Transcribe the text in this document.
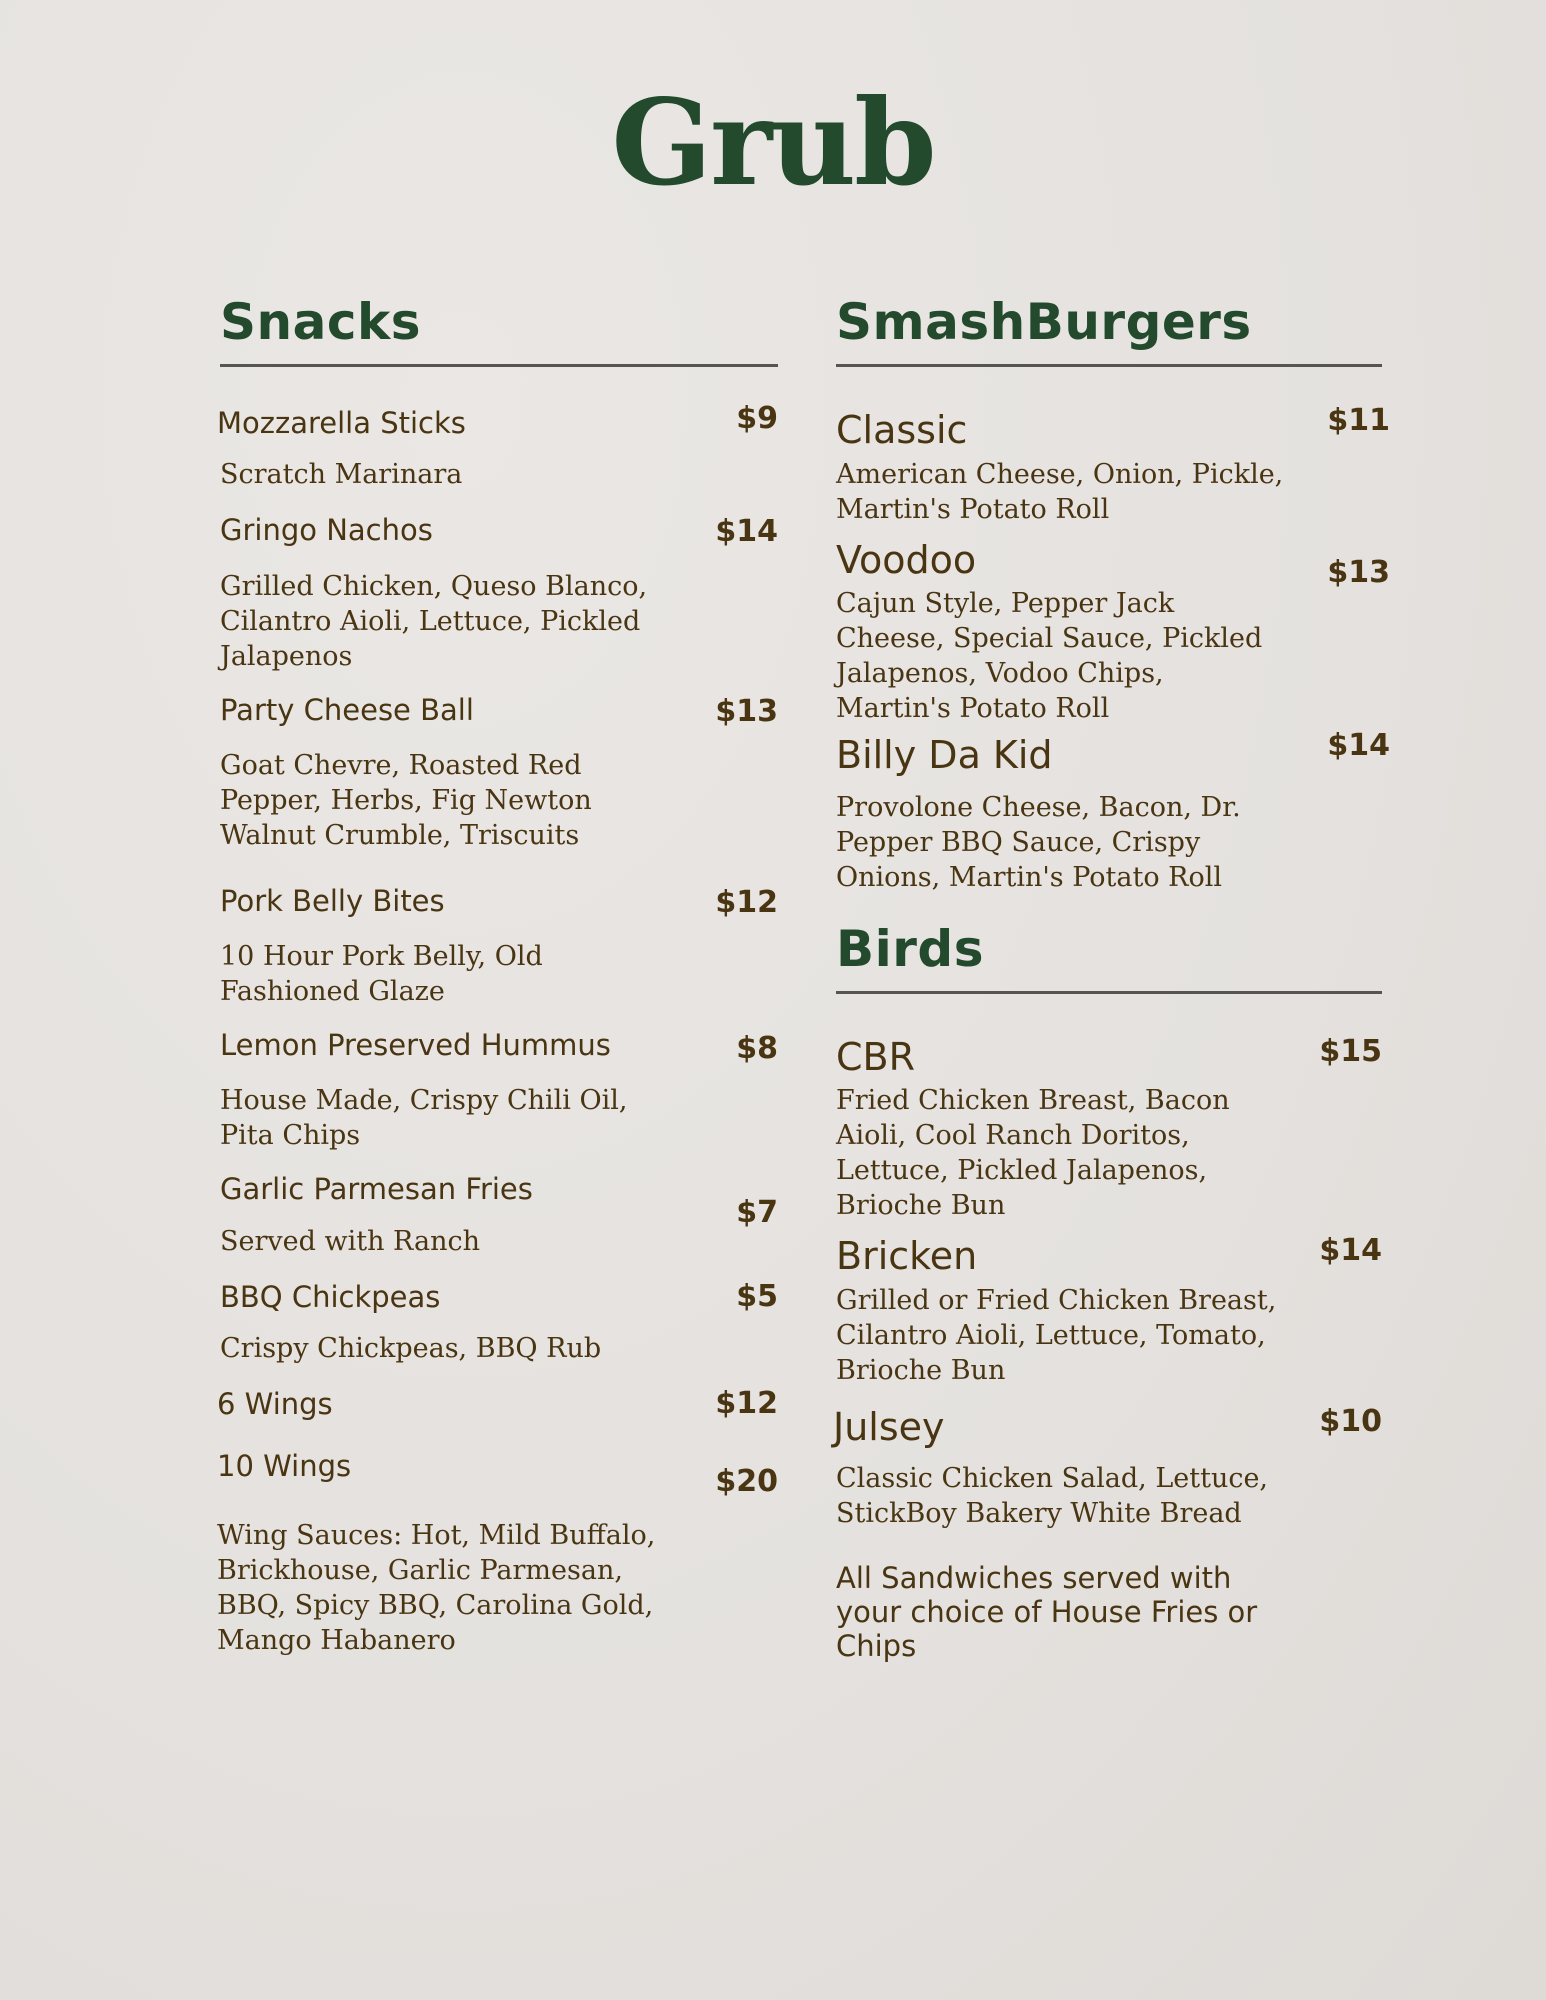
Grub
Snacks
$9
Mozzarella Sticks
Scratch Marinara
$14
Gringo Nachos
Grilled Chicken, Queso Blanco, Cilantro Aioli, Lettuce, Pickled Jalapenos
$13
Party Cheese Ball
Goat Chevre, Roasted Red Pepper, Herbs, Fig Newton Walnut Crumble, Triscuits
$12
Pork Belly Bites
10 Hour Pork Belly, Old Fashioned Glaze
$8
Lemon Preserved Hummus
House Made, Crispy Chili Oil, Pita Chips
$7
Garlic Parmesan Fries
Served with Ranch
$5
BBQ Chickpeas
Crispy Chickpeas, BBQ Rub
$12
6 Wings
$20
10 Wings
Wing Sauces: Hot, Mild Buffalo, Brickhouse, Garlic Parmesan, BBQ, Spicy BBQ, Carolina Gold, Mango Habanero
SmashBurgers
$11
Classic
American Cheese, Onion, Pickle, Martin's Potato Roll
$13
Voodoo
Cajun Style, Pepper Jack Cheese, Special Sauce, Pickled Jalapenos, Vodoo Chips, Martin's Potato Roll
$14
Billy Da Kid
Provolone Cheese, Bacon, Dr. Pepper BBQ Sauce, Crispy Onions, Martin's Potato Roll
Birds
$15
CBR
Fried Chicken Breast, Bacon Aioli, Cool Ranch Doritos, Lettuce, Pickled Jalapenos, Brioche Bun
$14
Bricken
Grilled or Fried Chicken Breast, Cilantro Aioli, Lettuce, Tomato, Brioche Bun
$10
Julsey
Classic Chicken Salad, Lettuce, StickBoy Bakery White Bread
All Sandwiches served with your choice of House Fries or Chips
